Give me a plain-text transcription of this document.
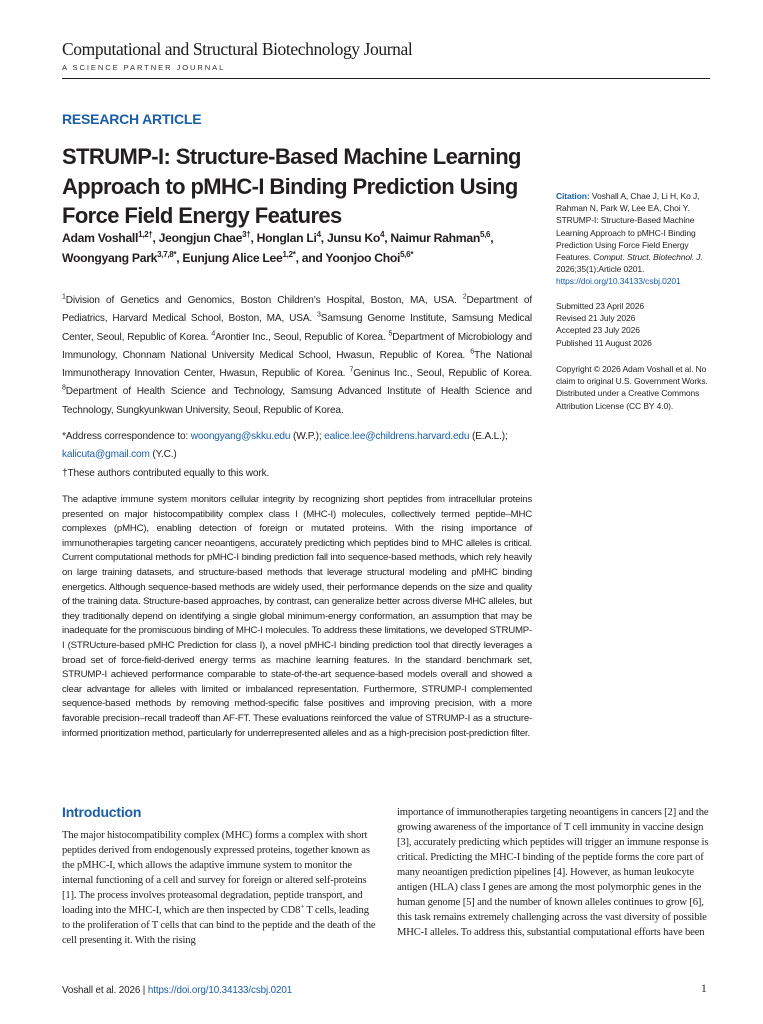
Computational and Structural Biotechnology Journal
A SCIENCE PARTNER JOURNAL
RESEARCH ARTICLE
STRUMP-I: Structure-Based Machine Learning Approach to pMHC-I Binding Prediction Using Force Field Energy Features
Adam Voshall$^{1,2\dagger}$, Jeongjun Chae$^{3\dagger}$, Honglan Li$^4$, Junsu Ko$^4$, Naimur Rahman$^{5,6}$, Woongyang Park$^{3,7,8*}$, Eunjung Alice Lee$^{1,2*}$, and Yoonjoo Choi$^{5,6*}$
$^1$Division of Genetics and Genomics, Boston Children’s Hospital, Boston, MA, USA. $^2$Department of Pediatrics, Harvard Medical School, Boston, MA, USA. $^3$Samsung Genome Institute, Samsung Medical Center, Seoul, Republic of Korea. $^4$Arontier Inc., Seoul, Republic of Korea. $^5$Department of Microbiology and Immunology, Chonnam National University Medical School, Hwasun, Republic of Korea. $^6$The National Immunotherapy Innovation Center, Hwasun, Republic of Korea. $^7$Geninus Inc., Seoul, Republic of Korea. $^8$Department of Health Science and Technology, Samsung Advanced Institute of Health Science and Technology, Sungkyunkwan University, Seoul, Republic of Korea.
*Address correspondence to: woongyang@skku.edu (W.P.); ealice.lee@childrens.harvard.edu (E.A.L.);
kalicuta@gmail.com (Y.C.)
†These authors contributed equally to this work.

The adaptive immune system monitors cellular integrity by recognizing short peptides from intracellular proteins presented on major histocompatibility complex class I (MHC-I) molecules, collectively termed peptide–MHC complexes (pMHC), enabling detection of foreign or mutated proteins. With the rising importance of immunotherapies targeting cancer neoantigens, accurately predicting which peptides bind to MHC alleles is critical. Current computational methods for pMHC-I binding prediction fall into sequence-based methods, which rely heavily on large training datasets, and structure-based methods that leverage structural modeling and pMHC binding energetics. Although sequence-based methods are widely used, their performance depends on the size and quality of the training data. Structure-based approaches, by contrast, can generalize better across diverse MHC alleles, but they traditionally depend on identifying a single global minimum-energy conformation, an assumption that may be inadequate for the promiscuous binding of MHC-I molecules. To address these limitations, we developed STRUMP-I (STRUcture-based pMHC Prediction for class I), a novel pMHC-I binding prediction tool that directly leverages a broad set of force-field-derived energy terms as machine learning features. In the standard benchmark set, STRUMP-I achieved performance comparable to state-of-the-art sequence-based models overall and showed a clear advantage for alleles with limited or imbalanced representation. Furthermore, STRUMP-I complemented sequence-based methods by removing method-specific false positives and improving precision, with a more favorable precision–recall tradeoff than AF-FT. These evaluations reinforced the value of STRUMP-I as a structure-informed prioritization method, particularly for underrepresented alleles and as a high-precision post-prediction filter.

Citation: Voshall A, Chae J, Li H, Ko J, Rahman N, Park W, Lee EA, Choi Y. STRUMP-I: Structure-Based Machine Learning Approach to pMHC-I Binding Prediction Using Force Field Energy Features. Comput. Struct. Biotechnol. J. 2026;35(1):Article 0201. https://doi.org/10.34133/csbj.0201
Submitted 23 April 2026
Revised 21 July 2026
Accepted 23 July 2026
Published 11 August 2026
Copyright © 2026 Adam Voshall et al. No claim to original U.S. Government Works. Distributed under a Creative Commons Attribution License (CC BY 4.0).
Introduction

The major histocompatibility complex (MHC) forms a complex with short peptides derived from endogenously expressed proteins, together known as the pMHC-I, which allows the adaptive immune system to monitor the internal functioning of a cell and survey for foreign or altered self-proteins [1]. The process involves proteasomal degradation, peptide transport, and loading into the MHC-I, which are then inspected by CD8+ T cells, leading to the proliferation of T cells that can bind to the peptide and the death of the cell presenting it. With the rising

importance of immunotherapies targeting neoantigens in cancers [2] and the growing awareness of the importance of T cell immunity in vaccine design [3], accurately predicting which peptides will trigger an immune response is critical. Predicting the MHC-I binding of the peptide forms the core part of many neoantigen prediction pipelines [4]. However, as human leukocyte antigen (HLA) class I genes are among the most polymorphic genes in the human genome [5] and the number of known alleles continues to grow [6], this task remains extremely challenging across the vast diversity of possible MHC-I alleles. To address this, substantial computational efforts have been

Voshall et al. 2026 | https://doi.org/10.34133/csbj.0201	1
